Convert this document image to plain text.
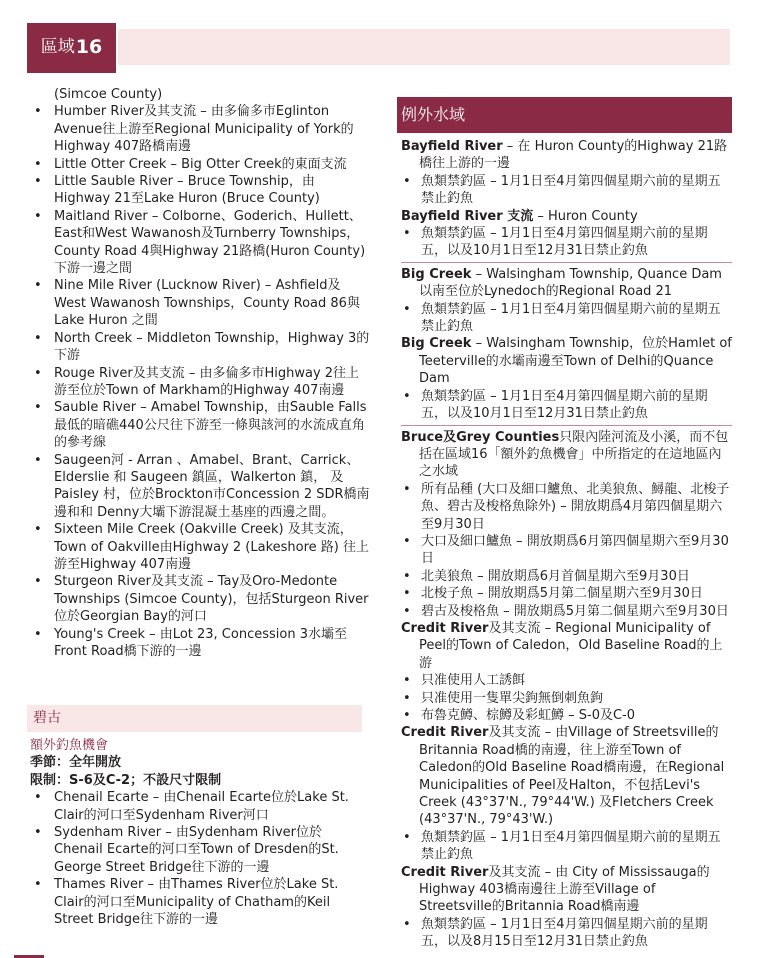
區域 16
(Simcoe County)
• Humber River及其支流 – 由多倫多市Eglinton Avenue往上游至Regional Municipality of York的Highway 407路橋南邊
• Little Otter Creek – Big Otter Creek的東面支流
• Little Sauble River – Bruce Township，由Highway 21至Lake Huron (Bruce County)
• Maitland River – Colborne、Goderich、Hullett、East和West Wawanosh及Turnberry Townships，County Road 4與Highway 21路橋(Huron County) 下游一邊之間
• Nine Mile River (Lucknow River) – Ashfield及West Wawanosh Townships，County Road 86與Lake Huron 之間
• North Creek – Middleton Township，Highway 3的下游
• Rouge River及其支流 – 由多倫多市Highway 2往上游至位於Town of Markham的Highway 407南邊
• Sauble River – Amabel Township，由Sauble Falls最低的暗礁440公尺往下游至一條與該河的水流成直角的參考線
• Saugeen河 - Arran 、Amabel、Brant、Carrick、Elderslie 和 Saugeen 鎮區，Walkerton 鎮， 及 Paisley 村，位於Brockton市Concession 2 SDR橋南邊和和 Denny大壩下游混凝土基座的西邊之間。
• Sixteen Mile Creek (Oakville Creek) 及其支流，Town of Oakville由Highway 2 (Lakeshore 路) 往上游至Highway 407南邊
• Sturgeon River及其支流 – Tay及Oro-Medonte Townships (Simcoe County)，包括Sturgeon River位於Georgian Bay的河口
• Young's Creek – 由Lot 23, Concession 3水壩至Front Road橋下游的一邊
碧古
額外釣魚機會
季節：全年開放
限制：S-6及C-2；不設尺寸限制
• Chenail Ecarte – 由Chenail Ecarte位於Lake St. Clair的河口至Sydenham River河口
• Sydenham River – 由Sydenham River位於Chenail Ecarte的河口至Town of Dresden的St. George Street Bridge往下游的一邊
• Thames River – 由Thames River位於Lake St. Clair的河口至Municipality of Chatham的Keil Street Bridge往下游的一邊
例外水域
Bayfield River – 在 Huron County的Highway 21路橋往上游的一邊
• 魚類禁釣區 – 1月1日至4月第四個星期六前的星期五禁止釣魚
Bayfield River 支流 – Huron County
• 魚類禁釣區 – 1月1日至4月第四個星期六前的星期五，以及10月1日至12月31日禁止釣魚
Big Creek – Walsingham Township, Quance Dam 以南至位於Lynedoch的Regional Road 21
• 魚類禁釣區 – 1月1日至4月第四個星期六前的星期五禁止釣魚
Big Creek – Walsingham Township，位於Hamlet of Teeterville的水壩南邊至Town of Delhi的Quance Dam
• 魚類禁釣區 – 1月1日至4月第四個星期六前的星期五，以及10月1日至12月31日禁止釣魚
Bruce及Grey Counties只限內陸河流及小溪，而不包括在區域16「額外釣魚機會」中所指定的在這地區內之水域
• 所有品種 (大口及細口鱸魚、北美狼魚、鱘龍、北梭子魚、碧古及梭格魚除外) – 開放期爲4月第四個星期六至9月30日
• 大口及細口鱸魚 – 開放期爲6月第四個星期六至9月30日
• 北美狼魚 – 開放期爲6月首個星期六至9月30日
• 北梭子魚 – 開放期爲5月第二個星期六至9月30日
• 碧古及梭格魚 – 開放期爲5月第二個星期六至9月30日
Credit River及其支流 – Regional Municipality of Peel的Town of Caledon，Old Baseline Road的上游
• 只准使用人工誘餌
• 只准使用一隻單尖鉤無倒刺魚鉤
• 布魯克鱒、棕鱒及彩虹鱒 – S-0及C-0
Credit River及其支流 – 由Village of Streetsville的Britannia Road橋的南邊，往上游至Town of Caledon的Old Baseline Road橋南邊，在Regional Municipalities of Peel及Halton，不包括Levi's Creek (43°37'N., 79°44'W.) 及Fletchers Creek (43°37'N., 79°43'W.)
• 魚類禁釣區 – 1月1日至4月第四個星期六前的星期五禁止釣魚
Credit River及其支流 – 由 City of Mississauga的Highway 403橋南邊往上游至Village of Streetsville的Britannia Road橋南邊
• 魚類禁釣區 – 1月1日至4月第四個星期六前的星期五，以及8月15日至12月31日禁止釣魚
